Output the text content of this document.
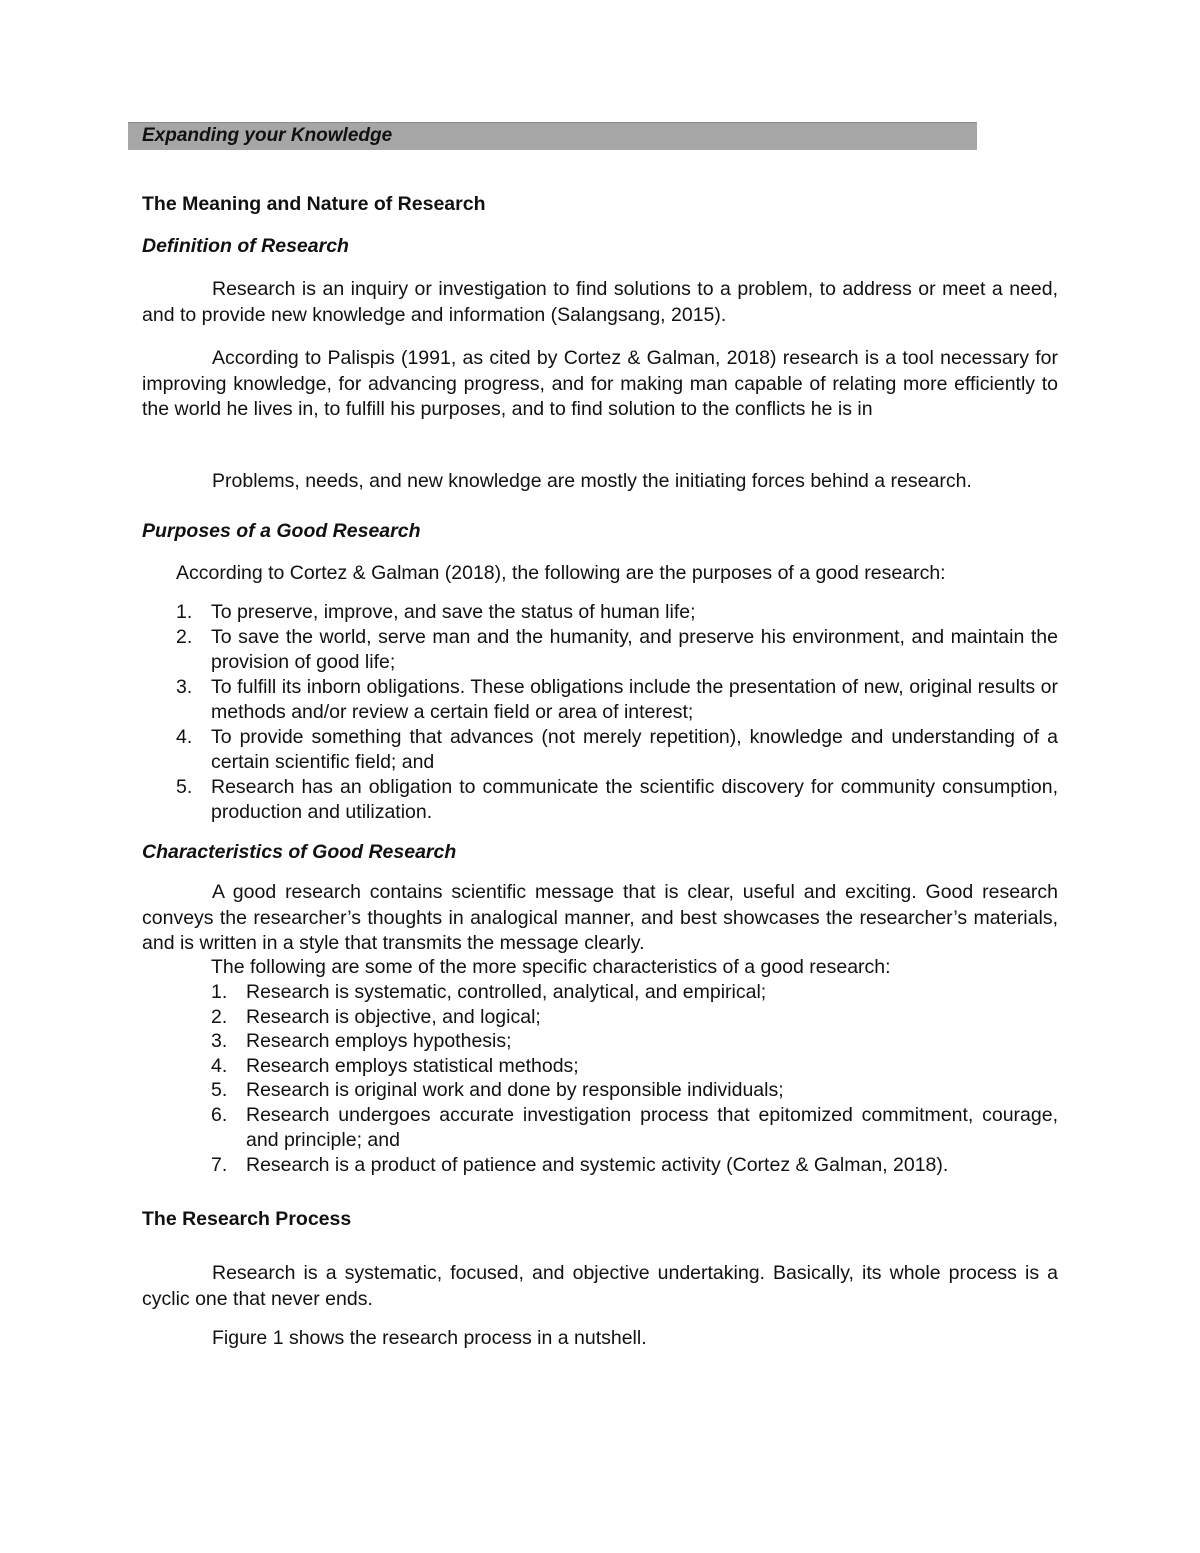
Expanding your Knowledge
The Meaning and Nature of Research
Definition of Research
Research is an inquiry or investigation to find solutions to a problem, to address or meet a need, and to provide new knowledge and information (Salangsang, 2015).
According to Palispis (1991, as cited by Cortez & Galman, 2018) research is a tool necessary for improving knowledge, for advancing progress, and for making man capable of relating more efficiently to the world he lives in, to fulfill his purposes, and to find solution to the conflicts he is in
Problems, needs, and new knowledge are mostly the initiating forces behind a research.
Purposes of a Good Research
According to Cortez & Galman (2018), the following are the purposes of a good research:
1. To preserve, improve, and save the status of human life;
2. To save the world, serve man and the humanity, and preserve his environment, and maintain the provision of good life;
3. To fulfill its inborn obligations. These obligations include the presentation of new, original results or methods and/or review a certain field or area of interest;
4. To provide something that advances (not merely repetition), knowledge and understanding of a certain scientific field; and
5. Research has an obligation to communicate the scientific discovery for community consumption, production and utilization.
Characteristics of Good Research
A good research contains scientific message that is clear, useful and exciting. Good research conveys the researcher’s thoughts in analogical manner, and best showcases the researcher’s materials, and is written in a style that transmits the message clearly.
The following are some of the more specific characteristics of a good research:
1. Research is systematic, controlled, analytical, and empirical;
2. Research is objective, and logical;
3. Research employs hypothesis;
4. Research employs statistical methods;
5. Research is original work and done by responsible individuals;
6. Research undergoes accurate investigation process that epitomized commitment, courage, and principle; and
7. Research is a product of patience and systemic activity (Cortez & Galman, 2018).
The Research Process
Research is a systematic, focused, and objective undertaking. Basically, its whole process is a cyclic one that never ends.
Figure 1 shows the research process in a nutshell.
